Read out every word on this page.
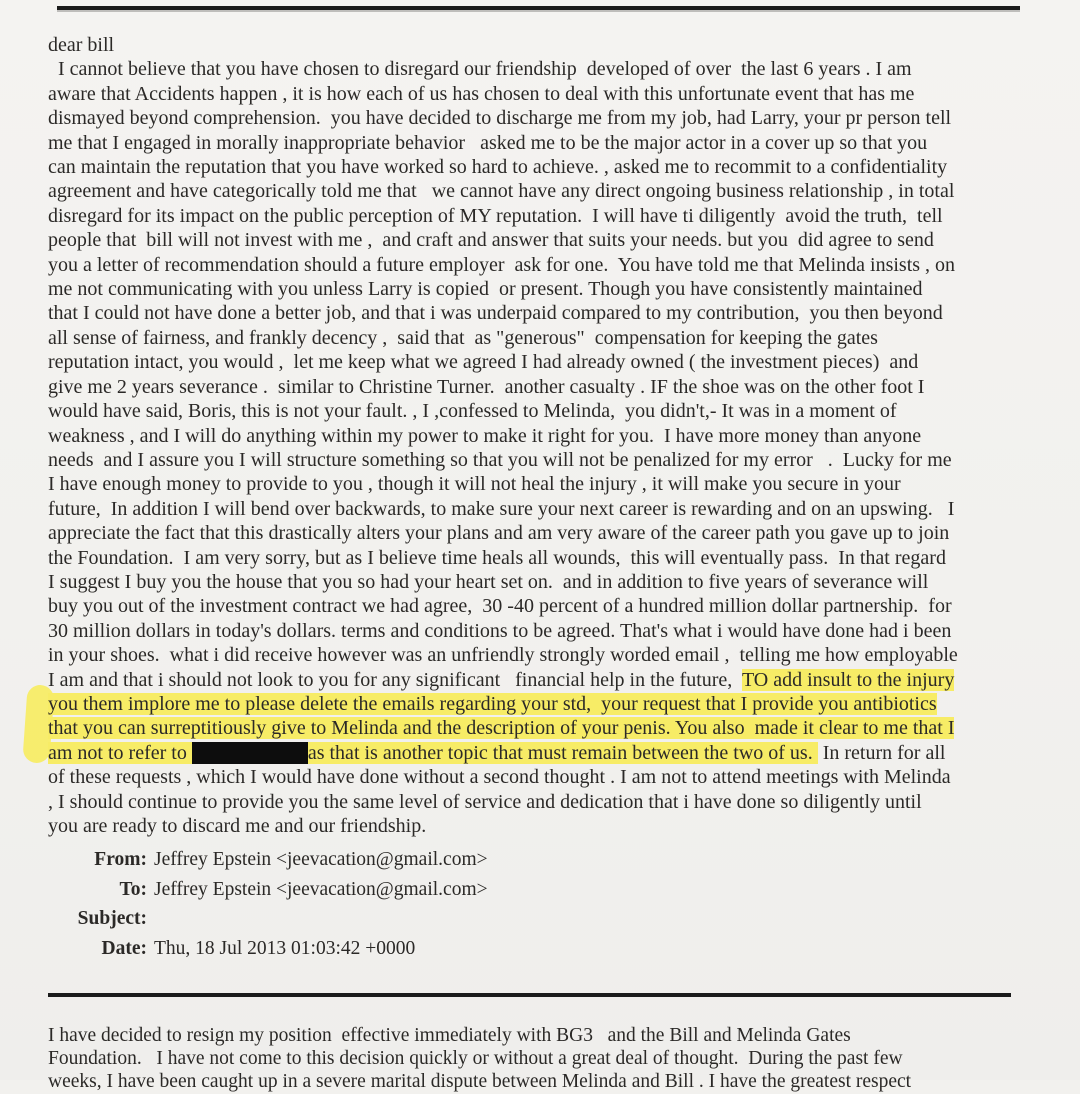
dear bill
I cannot believe that you have chosen to disregard our friendship  developed of over  the last 6 years . I am
aware that Accidents happen , it is how each of us has chosen to deal with this unfortunate event that has me
dismayed beyond comprehension.  you have decided to discharge me from my job, had Larry, your pr person tell
me that I engaged in morally inappropriate behavior   asked me to be the major actor in a cover up so that you
can maintain the reputation that you have worked so hard to achieve. , asked me to recommit to a confidentiality
agreement and have categorically told me that   we cannot have any direct ongoing business relationship , in total
disregard for its impact on the public perception of MY reputation.  I will have ti diligently  avoid the truth,  tell
people that  bill will not invest with me ,  and craft and answer that suits your needs. but you  did agree to send
you a letter of recommendation should a future employer  ask for one.  You have told me that Melinda insists , on
me not communicating with you unless Larry is copied  or present. Though you have consistently maintained
that I could not have done a better job, and that i was underpaid compared to my contribution,  you then beyond
all sense of fairness, and frankly decency ,  said that  as "generous"  compensation for keeping the gates
reputation intact, you would ,  let me keep what we agreed I had already owned ( the investment pieces)  and
give me 2 years severance .  similar to Christine Turner.  another casualty . IF the shoe was on the other foot I
would have said, Boris, this is not your fault. , I ,confessed to Melinda,  you didn't,- It was in a moment of
weakness , and I will do anything within my power to make it right for you.  I have more money than anyone
needs  and I assure you I will structure something so that you will not be penalized for my error   .  Lucky for me
I have enough money to provide to you , though it will not heal the injury , it will make you secure in your
future,  In addition I will bend over backwards, to make sure your next career is rewarding and on an upswing.   I
appreciate the fact that this drastically alters your plans and am very aware of the career path you gave up to join
the Foundation.  I am very sorry, but as I believe time heals all wounds,  this will eventually pass.  In that regard
I suggest I buy you the house that you so had your heart set on.  and in addition to five years of severance will
buy you out of the investment contract we had agree,  30 -40 percent of a hundred million dollar partnership.  for
30 million dollars in today's dollars. terms and conditions to be agreed. That's what i would have done had i been
in your shoes.  what i did receive however was an unfriendly strongly worded email ,  telling me how employable
I am and that i should not look to you for any significant   financial help in the future,  TO add insult to the injury
you them implore me to please delete the emails regarding your std,  your request that I provide you antibiotics
that you can surreptitiously give to Melinda and the description of your penis. You also  made it clear to me that I
am not to refer to	as that is another topic that must remain between the two of us.  In return for all
of these requests , which I would have done without a second thought . I am not to attend meetings with Melinda
, I should continue to provide you the same level of service and dedication that i have done so diligently until
you are ready to discard me and our friendship.
From: Jeffrey Epstein <jeevacation@gmail.com>
To: Jeffrey Epstein <jeevacation@gmail.com>
Subject:
Date: Thu, 18 Jul 2013 01:03:42 +0000
I have decided to resign my position  effective immediately with BG3   and the Bill and Melinda Gates
Foundation.   I have not come to this decision quickly or without a great deal of thought.  During the past few
weeks, I have been caught up in a severe marital dispute between Melinda and Bill . I have the greatest respect
